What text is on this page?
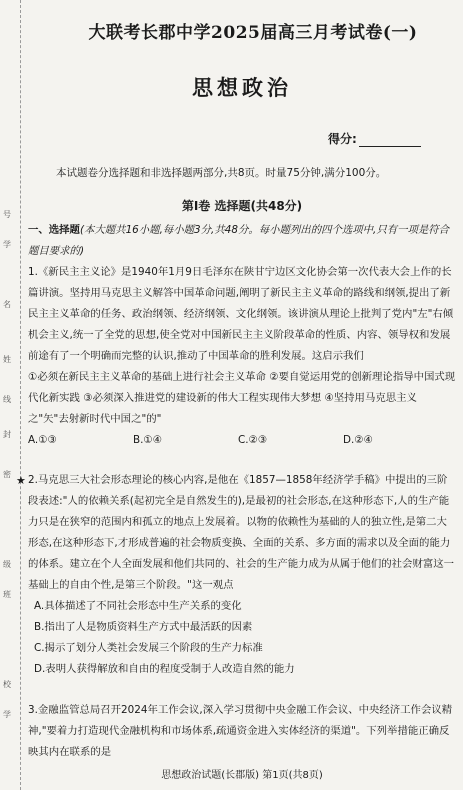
号
学
名
姓
线
封
密
级
班
校
学
大联考长郡中学2025届高三月考试卷(一)
思想政治
得分:
本试题卷分选择题和非选择题两部分,共8页。时量75分钟,满分100分。
第Ⅰ卷 选择题(共48分)
一、选择题(本大题共16小题,每小题3分,共48分。每小题列出的四个选项中,只有一项是符合题目要求的)
1.《新民主主义论》是1940年1月9日毛泽东在陕甘宁边区文化协会第一次代表大会上作的长篇讲演。坚持用马克思主义解答中国革命问题,阐明了新民主主义革命的路线和纲领,提出了新民主主义革命的任务、政治纲领、经济纲领、文化纲领。该讲演从理论上批判了党内"左"右倾机会主义,统一了全党的思想,使全党对中国新民主主义阶段革命的性质、内容、领导权和发展前途有了一个明确而完整的认识,推动了中国革命的胜利发展。这启示我们
①必须在新民主主义革命的基础上进行社会主义革命 ②要自觉运用党的创新理论指导中国式现代化新实践 ③必须深入推进党的建设新的伟大工程实现伟大梦想 ④坚持用马克思主义之"矢"去射新时代中国之"的"
A.①③	B.①④	C.②③	D.②④
★ 2.马克思三大社会形态理论的核心内容,是他在《1857—1858年经济学手稿》中提出的三阶段表述:"人的依赖关系(起初完全是自然发生的),是最初的社会形态,在这种形态下,人的生产能力只是在狭窄的范围内和孤立的地点上发展着。以物的依赖性为基础的人的独立性,是第二大形态,在这种形态下,才形成普遍的社会物质变换、全面的关系、多方面的需求以及全面的能力的体系。建立在个人全面发展和他们共同的、社会的生产能力成为从属于他们的社会财富这一基础上的自由个性,是第三个阶段。"这一观点
A.具体描述了不同社会形态中生产关系的变化
B.指出了人是物质资料生产方式中最活跃的因素
C.揭示了划分人类社会发展三个阶段的生产力标准
D.表明人获得解放和自由的程度受制于人改造自然的能力
3.金融监管总局召开2024年工作会议,深入学习贯彻中央金融工作会议、中央经济工作会议精神,"要着力打造现代金融机构和市场体系,疏通资金进入实体经济的渠道"。下列举措能正确反映其内在联系的是
思想政治试题(长郡版) 第1页(共8页)
